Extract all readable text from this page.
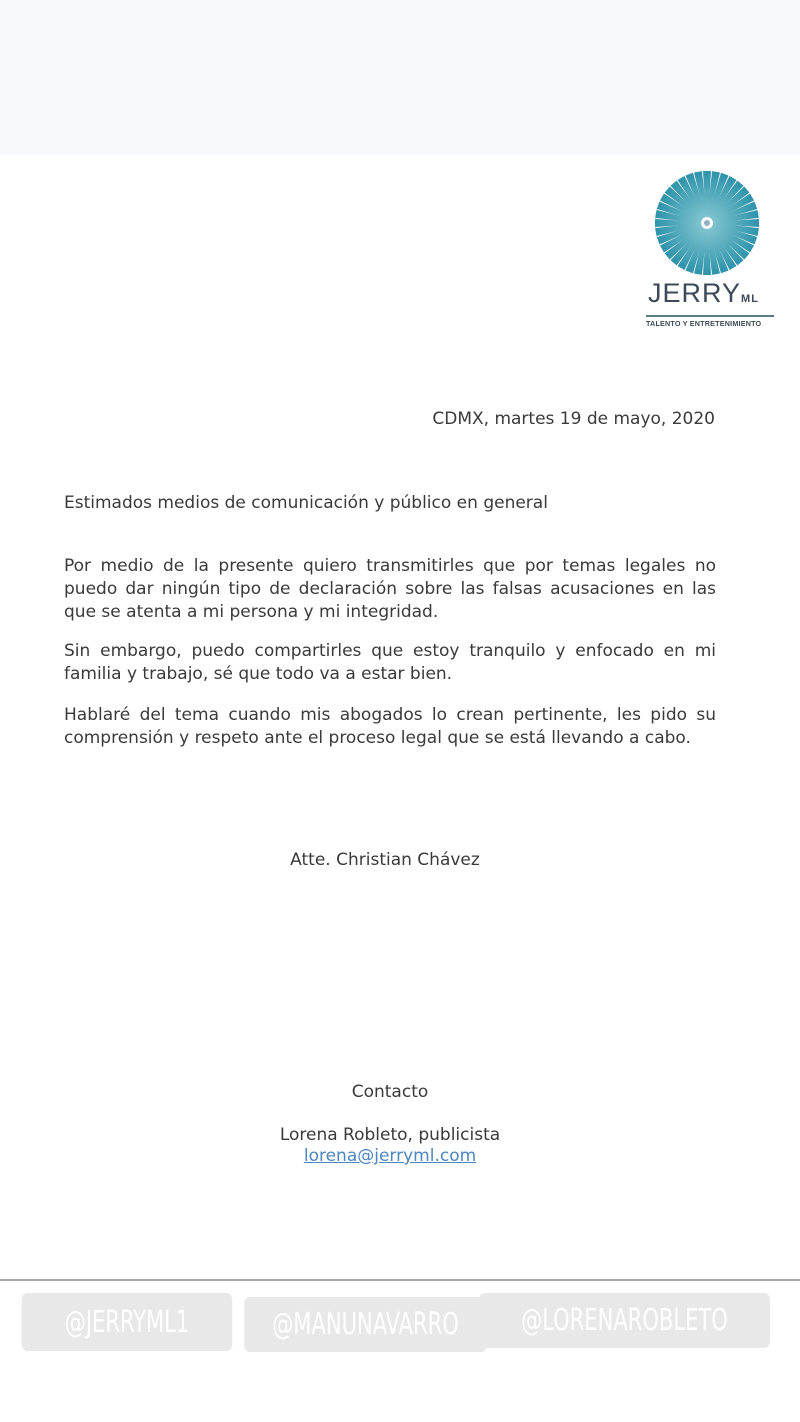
JERRYML
TALENTO Y ENTRETENIMIENTO
CDMX, martes 19 de mayo, 2020
Estimados medios de comunicación y público en general
Por medio de la presente quiero transmitirles que por temas legales no puedo dar ningún tipo de declaración sobre las falsas acusaciones en las que se atenta a mi persona y mi integridad.
Sin embargo, puedo compartirles que estoy tranquilo y enfocado en mi familia y trabajo, sé que todo va a estar bien.
Hablaré del tema cuando mis abogados lo crean pertinente, les pido su comprensión y respeto ante el proceso legal que se está llevando a cabo.
Atte. Christian Chávez
Contacto
Lorena Robleto, publicista
lorena@jerryml.com
@JERRYML1	@MANUNAVARRO	@LORENAROBLETO
